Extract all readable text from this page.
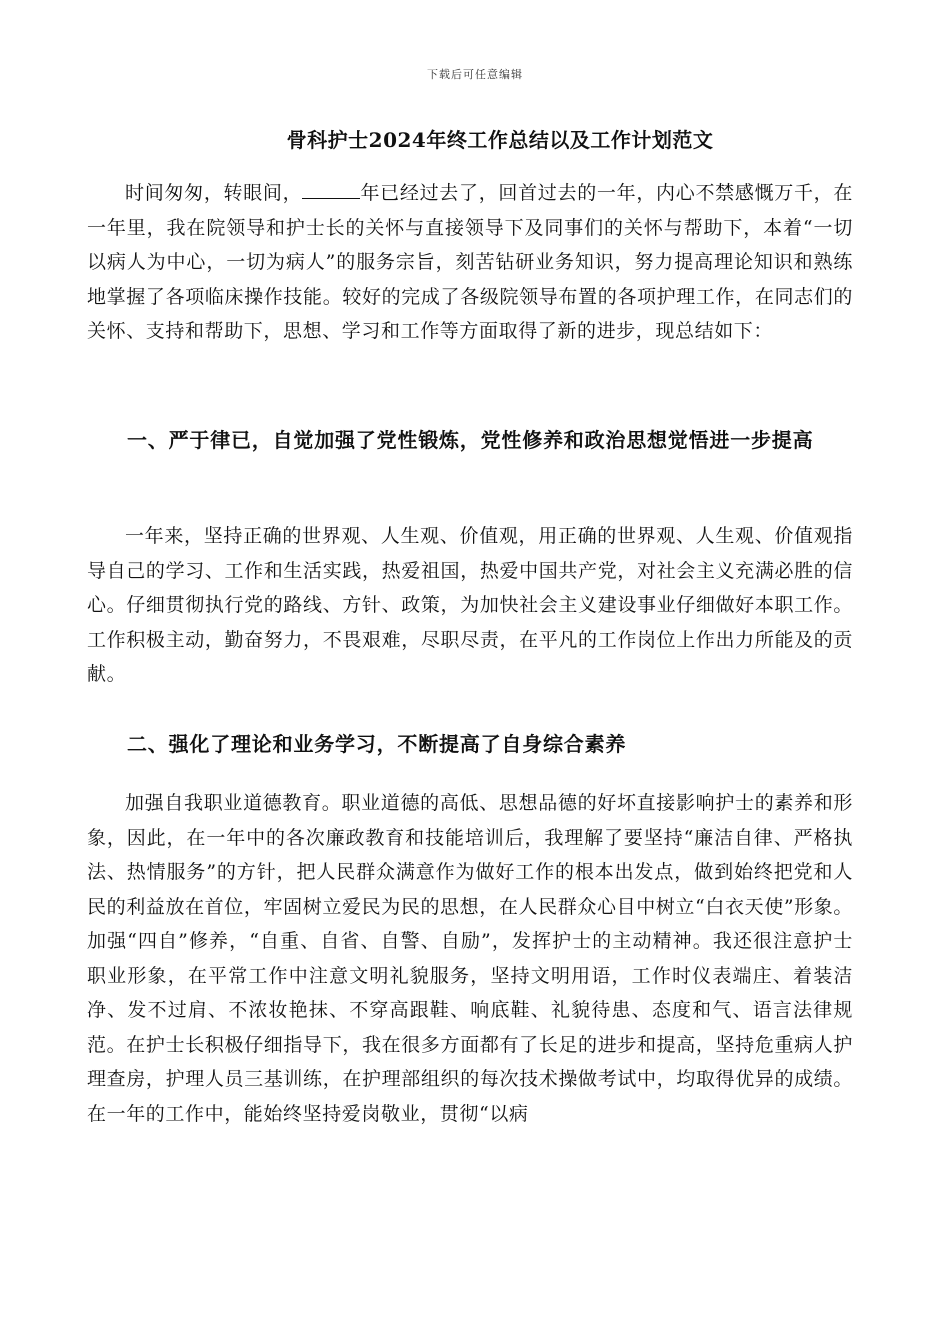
下载后可任意编辑
骨科护士2024年终工作总结以及工作计划范文

时间匆匆，转眼间，	年已经过去了，回首过去的一年，内心不禁感慨万千，在一年里，我在院领导和护士长的关怀与直接领导下及同事们的关怀与帮助下，本着“一切以病人为中心，一切为病人”的服务宗旨，刻苦钻研业务知识，努力提高理论知识和熟练地掌握了各项临床操作技能。较好的完成了各级院领导布置的各项护理工作，在同志们的关怀、支持和帮助下，思想、学习和工作等方面取得了新的进步，现总结如下：

一、严于律已，自觉加强了党性锻炼，党性修养和政治思想觉悟进一步提高

一年来，坚持正确的世界观、人生观、价值观，用正确的世界观、人生观、价值观指导自己的学习、工作和生活实践，热爱祖国，热爱中国共产党，对社会主义充满必胜的信心。仔细贯彻执行党的路线、方针、政策，为加快社会主义建设事业仔细做好本职工作。工作积极主动，勤奋努力，不畏艰难，尽职尽责，在平凡的工作岗位上作出力所能及的贡献。

二、强化了理论和业务学习，不断提高了自身综合素养

加强自我职业道德教育。职业道德的高低、思想品德的好坏直接影响护士的素养和形象，因此，在一年中的各次廉政教育和技能培训后，我理解了要坚持“廉洁自律、严格执法、热情服务”的方针，把人民群众满意作为做好工作的根本出发点，做到始终把党和人民的利益放在首位，牢固树立爱民为民的思想，在人民群众心目中树立“白衣天使”形象。加强“四自”修养，“自重、自省、自警、自励”，发挥护士的主动精神。我还很注意护士职业形象，在平常工作中注意文明礼貌服务，坚持文明用语，工作时仪表端庄、着装洁净、发不过肩、不浓妆艳抹、不穿高跟鞋、响底鞋、礼貌待患、态度和气、语言法律规范。在护士长积极仔细指导下，我在很多方面都有了长足的进步和提高，坚持危重病人护理查房，护理人员三基训练，在护理部组织的每次技术操做考试中，均取得优异的成绩。在一年的工作中，能始终坚持爱岗敬业，贯彻“以病
